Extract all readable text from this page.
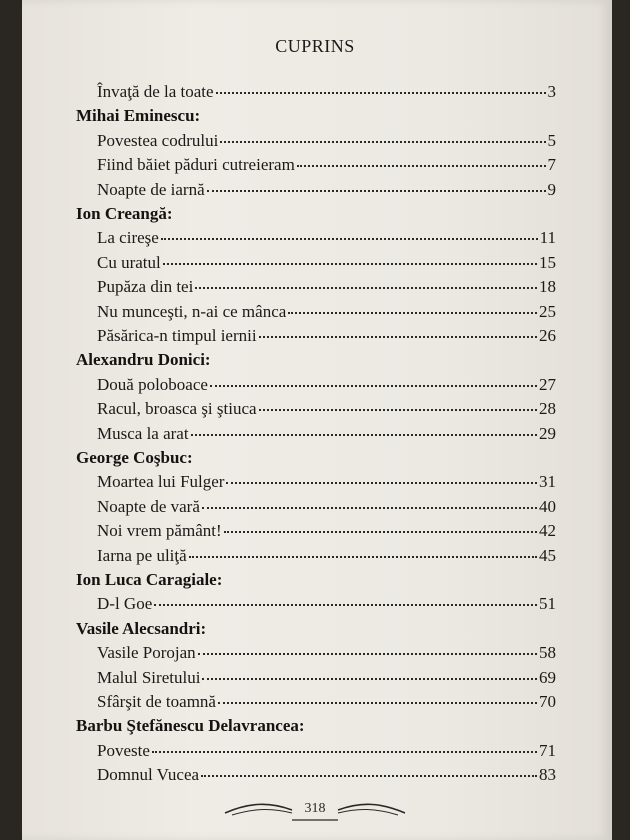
CUPRINS
318
Învaţă de la toate	3
Mihai Eminescu:
Povestea codrului	5
Fiind băiet păduri cutreieram	7
Noapte de iarnă	9
Ion Creangă:
La cireşe	11
Cu uratul	15
Pupăza din tei	18
Nu munceşti, n-ai ce mânca	25
Păsărica-n timpul iernii	26
Alexandru Donici:
Două poloboace	27
Racul, broasca şi ştiuca	28
Musca la arat	29
George Coşbuc:
Moartea lui Fulger	31
Noapte de vară	40
Noi vrem pământ!	42
Iarna pe uliţă	45
Ion Luca Caragiale:
D-l Goe	51
Vasile Alecsandri:
Vasile Porojan	58
Malul Siretului	69
Sfârşit de toamnă	70
Barbu Ştefănescu Delavrancea:
Poveste	71
Domnul Vucea	83
